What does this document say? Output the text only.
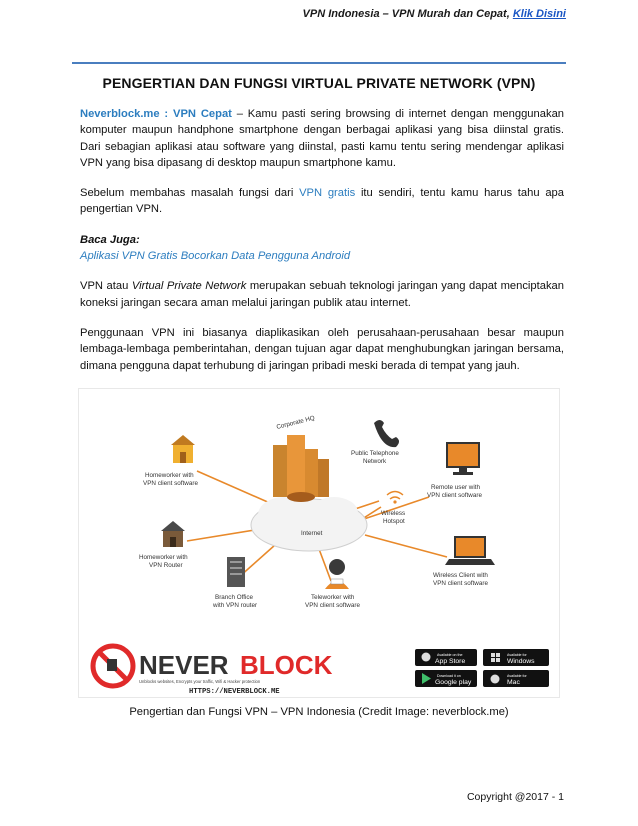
VPN Indonesia – VPN Murah dan Cepat, Klik Disini
PENGERTIAN DAN FUNGSI VIRTUAL PRIVATE NETWORK (VPN)

Neverblock.me : VPN Cepat – Kamu pasti sering browsing di internet dengan menggunakan komputer maupun handphone smartphone dengan berbagai aplikasi yang bisa diinstal gratis. Dari sebagian aplikasi atau software yang diinstal, pasti kamu tentu sering mendengar aplikasi VPN yang bisa dipasang di desktop maupun smartphone kamu.

Sebelum membahas masalah fungsi dari VPN gratis itu sendiri, tentu kamu harus tahu apa pengertian VPN.

Baca Juga:
Aplikasi VPN Gratis Bocorkan Data Pengguna Android

VPN atau Virtual Private Network merupakan sebuah teknologi jaringan yang dapat menciptakan koneksi jaringan secara aman melalui jaringan publik atau internet.

Penggunaan VPN ini biasanya diaplikasikan oleh perusahaan-perusahaan besar maupun lembaga-lembaga pemberintahan, dengan tujuan agar dapat menghubungkan jaringan bersama, dimana pengguna dapat terhubung di jaringan pribadi meski berada di tempat yang jauh.

Internet
Corporate HQ
Homeworker with
VPN client software
Homeworker with
VPN Router
Branch Office
with VPN router
Teleworker with
VPN client software
Public Telephone
Network
Wireless
Hotspot
Remote user with
VPN client software
Wireless Client with
VPN client software
NEVER BLOCK
Unblocks websites, Encrypts your traffic, Wifi & Hacker protection
HTTPS://NEVERBLOCK.ME
Available on the
App Store
Available for
Windows
Download it on
Google play
Available for
Mac
Pengertian dan Fungsi VPN – VPN Indonesia (Credit Image: neverblock.me)
Copyright @2017 - 1
